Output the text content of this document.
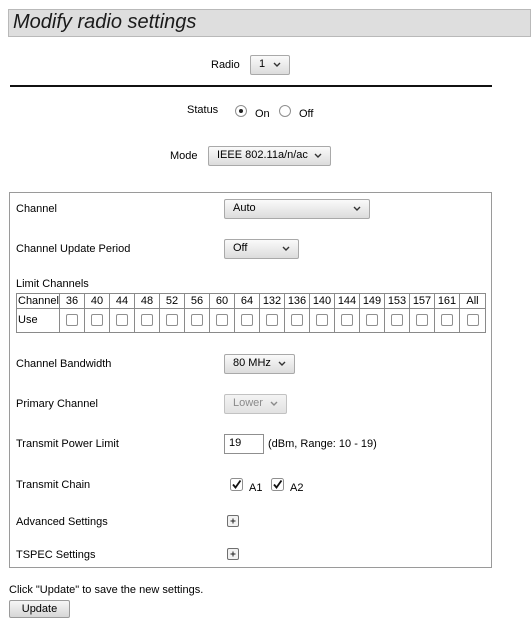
Modify radio settings
Radio	1
Status	On	Off
Mode	IEEE 802.11a/n/ac
Channel	Auto
Channel Update Period	Off
Limit Channels
Channel	36	40	44	48	52	56	60	64	132	136	140	144	149	153	157	161	All
Use																	
Channel Bandwidth	80 MHz
Primary Channel	Lower
Transmit Power Limit	19	(dBm, Range: 10 - 19)
Transmit Chain	A1	A2
Advanced Settings
TSPEC Settings
Click "Update" to save the new settings.
Update
